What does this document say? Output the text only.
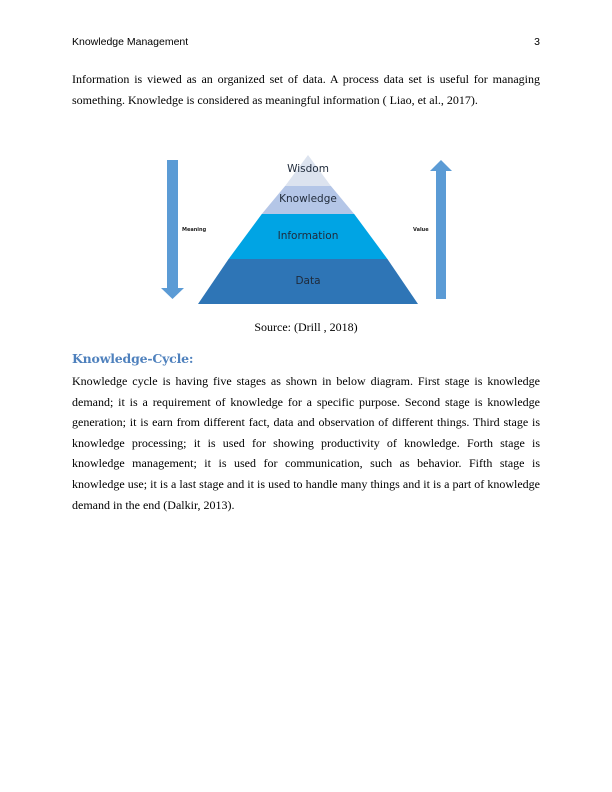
Knowledge Management	3

Information is viewed as an organized set of data. A process data set is useful for managing something. Knowledge is considered as meaningful information ( Liao, et al., 2017).

Wisdom
Knowledge
Information
Data
Meaning	Value
Source: (Drill , 2018)
Knowledge-Cycle:

Knowledge cycle is having five stages as shown in below diagram. First stage is knowledge demand; it is a requirement of knowledge for a specific purpose. Second stage is knowledge generation; it is earn from different fact, data and observation of different things. Third stage is knowledge processing; it is used for showing productivity of knowledge. Forth stage is knowledge management; it is used for communication, such as behavior. Fifth stage is knowledge use; it is a last stage and it is used to handle many things and it is a part of knowledge demand in the end (Dalkir, 2013).
